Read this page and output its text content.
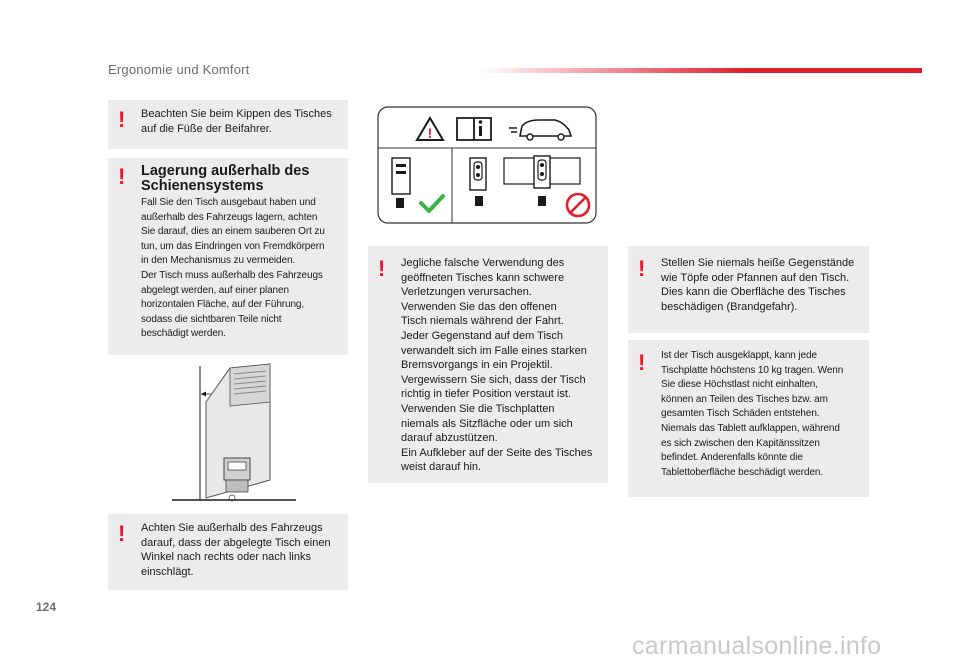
Ergonomie und Komfort
! Beachten Sie beim Kippen des Tisches
auf die Füße der Beifahrer.
! Lagerung außerhalb des
Schienensystems
Fall Sie den Tisch ausgebaut haben und
außerhalb des Fahrzeugs lagern, achten
Sie darauf, dies an einem sauberen Ort zu
tun, um das Eindringen von Fremdkörpern
in den Mechanismus zu vermeiden.
Der Tisch muss außerhalb des Fahrzeugs
abgelegt werden, auf einer planen
horizontalen Fläche, auf der Führung,
sodass die sichtbaren Teile nicht
beschädigt werden.
! Achten Sie außerhalb des Fahrzeugs
darauf, dass der abgelegte Tisch einen
Winkel nach rechts oder nach links
einschlägt.
!
! Jegliche falsche Verwendung des
geöffneten Tisches kann schwere
Verletzungen verursachen.
Verwenden Sie das den offenen
Tisch niemals während der Fahrt.
Jeder Gegenstand auf dem Tisch
verwandelt sich im Falle eines starken
Bremsvorgangs in ein Projektil.
Vergewissern Sie sich, dass der Tisch
richtig in tiefer Position verstaut ist.
Verwenden Sie die Tischplatten
niemals als Sitzfläche oder um sich
darauf abzustützen.
Ein Aufkleber auf der Seite des Tisches
weist darauf hin.
! Stellen Sie niemals heiße Gegenstände
wie Töpfe oder Pfannen auf den Tisch.
Dies kann die Oberfläche des Tisches
beschädigen (Brandgefahr).
! Ist der Tisch ausgeklappt, kann jede
Tischplatte höchstens 10 kg tragen. Wenn
Sie diese Höchstlast nicht einhalten,
können an Teilen des Tisches bzw. am
gesamten Tisch Schäden entstehen.
Niemals das Tablett aufklappen, während
es sich zwischen den Kapitänssitzen
befindet. Anderenfalls könnte die
Tablettoberfläche beschädigt werden.
124
carmanualsonline.info
